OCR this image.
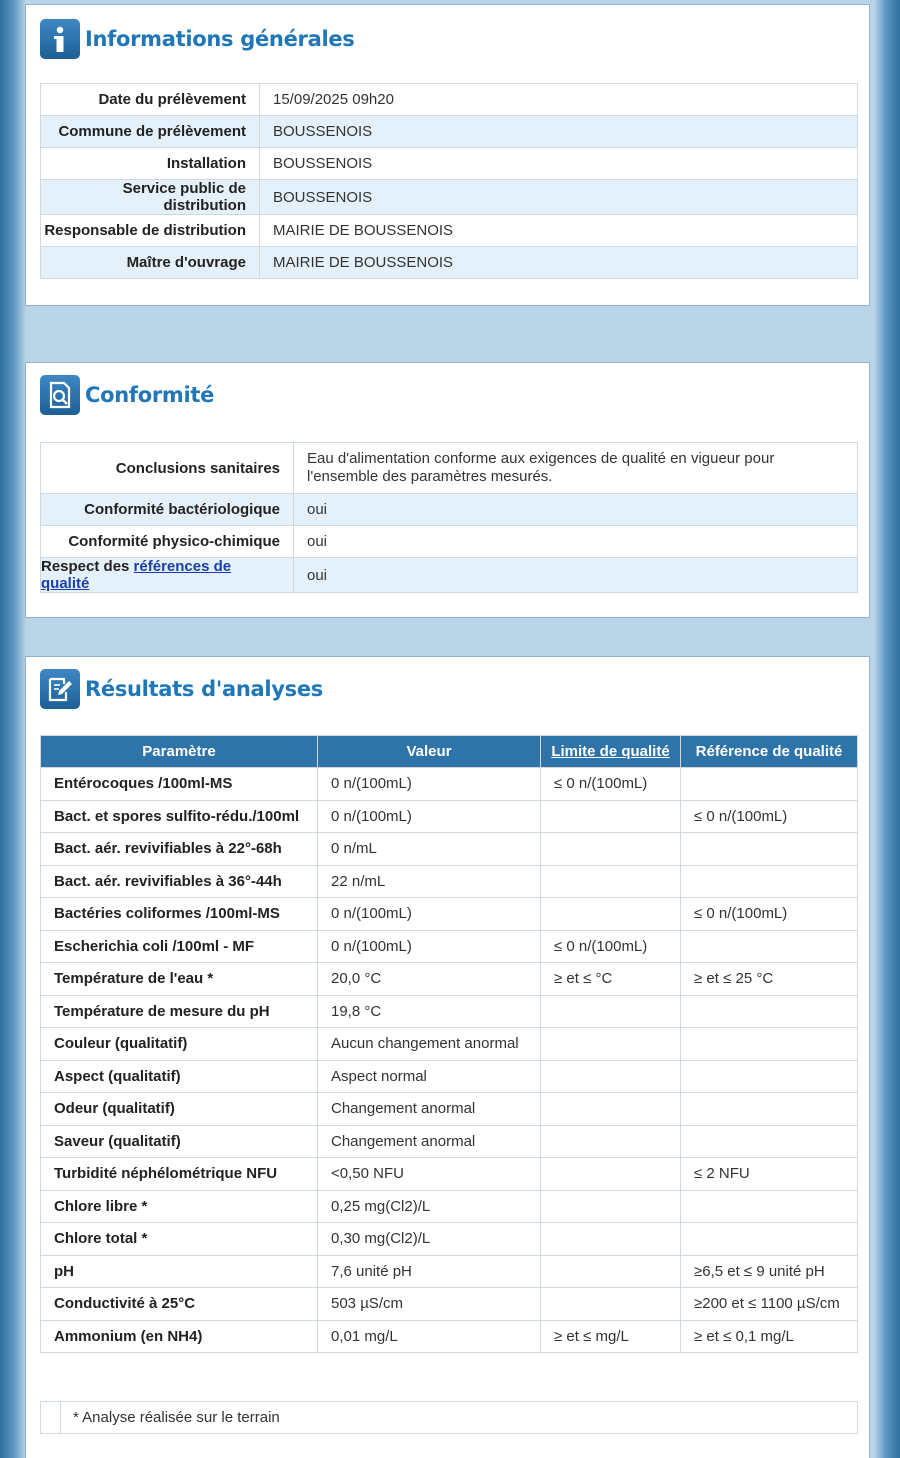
Informations générales
Date du prélèvement	15/09/2025 09h20
Commune de prélèvement	BOUSSENOIS
Installation	BOUSSENOIS
Service public de distribution	BOUSSENOIS
Responsable de distribution	MAIRIE DE BOUSSENOIS
Maître d'ouvrage	MAIRIE DE BOUSSENOIS
Conformité
Conclusions sanitaires	Eau d'alimentation conforme aux exigences de qualité en vigueur pour l'ensemble des paramètres mesurés.
Conformité bactériologique	oui
Conformité physico-chimique	oui
Respect des références de qualité	oui
Résultats d'analyses
Paramètre	Valeur	Limite de qualité	Référence de qualité
Entérocoques /100ml-MS	0 n/(100mL)	≤ 0 n/(100mL)	
Bact. et spores sulfito-rédu./100ml	0 n/(100mL)		≤ 0 n/(100mL)
Bact. aér. revivifiables à 22°-68h	0 n/mL		
Bact. aér. revivifiables à 36°-44h	22 n/mL		
Bactéries coliformes /100ml-MS	0 n/(100mL)		≤ 0 n/(100mL)
Escherichia coli /100ml - MF	0 n/(100mL)	≤ 0 n/(100mL)	
Température de l'eau *	20,0 °C	≥ et ≤ °C	≥ et ≤ 25 °C
Température de mesure du pH	19,8 °C		
Couleur (qualitatif)	Aucun changement anormal		
Aspect (qualitatif)	Aspect normal		
Odeur (qualitatif)	Changement anormal		
Saveur (qualitatif)	Changement anormal		
Turbidité néphélométrique NFU	<0,50 NFU		≤ 2 NFU
Chlore libre *	0,25 mg(Cl2)/L		
Chlore total *	0,30 mg(Cl2)/L		
pH	7,6 unité pH		≥6,5 et ≤ 9 unité pH
Conductivité à 25°C	503 µS/cm		≥200 et ≤ 1100 µS/cm
Ammonium (en NH4)	0,01 mg/L	≥ et ≤ mg/L	≥ et ≤ 0,1 mg/L
* Analyse réalisée sur le terrain
